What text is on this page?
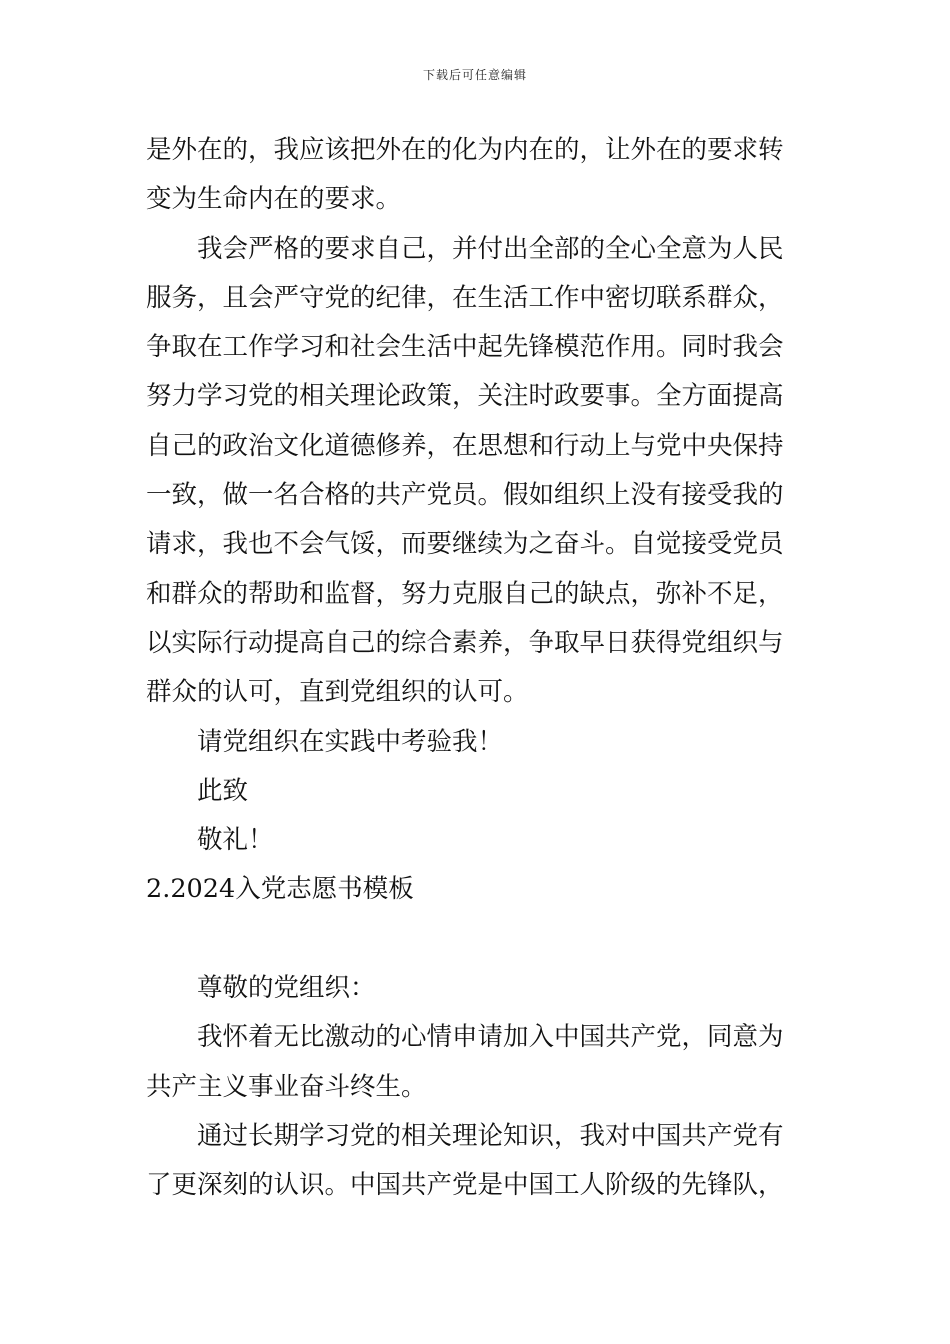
下载后可任意编辑
是外在的，我应该把外在的化为内在的，让外在的要求转
变为生命内在的要求。
我会严格的要求自己，并付出全部的全心全意为人民
服务，且会严守党的纪律，在生活工作中密切联系群众，
争取在工作学习和社会生活中起先锋模范作用。同时我会
努力学习党的相关理论政策，关注时政要事。全方面提高
自己的政治文化道德修养，在思想和行动上与党中央保持
一致，做一名合格的共产党员。假如组织上没有接受我的
请求，我也不会气馁，而要继续为之奋斗。自觉接受党员
和群众的帮助和监督，努力克服自己的缺点，弥补不足，
以实际行动提高自己的综合素养，争取早日获得党组织与
群众的认可，直到党组织的认可。
请党组织在实践中考验我！
此致
敬礼！
2.2024入党志愿书模板
尊敬的党组织：
我怀着无比激动的心情申请加入中国共产党，同意为
共产主义事业奋斗终生。
通过长期学习党的相关理论知识，我对中国共产党有
了更深刻的认识。中国共产党是中国工人阶级的先锋队，
